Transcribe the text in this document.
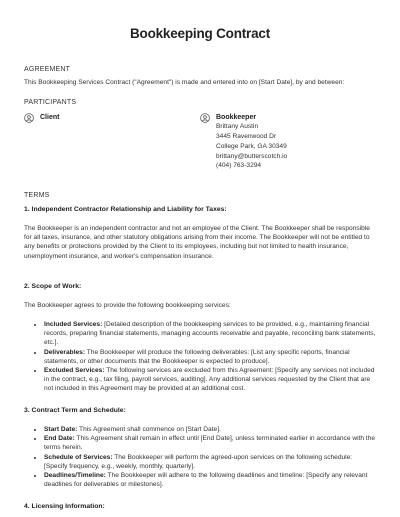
Bookkeeping Contract
AGREEMENT
This Bookkeeping Services Contract ("Agreement") is made and entered into on [Start Date], by and between:
PARTICIPANTS
Client	Bookkeeper
Brittany Austin
3445 Ravenwood Dr
College Park, GA 30349
brittany@butterscotch.io
(404) 763-3294
TERMS
1. Independent Contractor Relationship and Liability for Taxes:
The Bookkeeper is an independent contractor and not an employee of the Client. The Bookkeeper shall be responsible for all taxes, insurance, and other statutory obligations arising from their income. The Bookkeeper will not be entitled to any benefits or protections provided by the Client to its employees, including but not limited to health insurance, unemployment insurance, and worker's compensation insurance.
2. Scope of Work:
The Bookkeeper agrees to provide the following bookkeeping services:
• Included Services: [Detailed description of the bookkeeping services to be provided, e.g., maintaining financial records, preparing financial statements, managing accounts receivable and payable, reconciling bank statements, etc.].
• Deliverables: The Bookkeeper will produce the following deliverables: [List any specific reports, financial statements, or other documents that the Bookkeeper is expected to produce].
• Excluded Services: The following services are excluded from this Agreement: [Specify any services not included in the contract, e.g., tax filing, payroll services, auditing]. Any additional services requested by the Client that are not included in this Agreement may be provided at an additional cost.
3. Contract Term and Schedule:
• Start Date: This Agreement shall commence on [Start Date].
• End Date: This Agreement shall remain in effect until [End Date], unless terminated earlier in accordance with the terms herein.
• Schedule of Services: The Bookkeeper will perform the agreed-upon services on the following schedule: [Specify frequency, e.g., weekly, monthly, quarterly].
• Deadlines/Timeline: The Bookkeeper will adhere to the following deadlines and timeline: [Specify any relevant deadlines for deliverables or milestones].
4. Licensing Information:
